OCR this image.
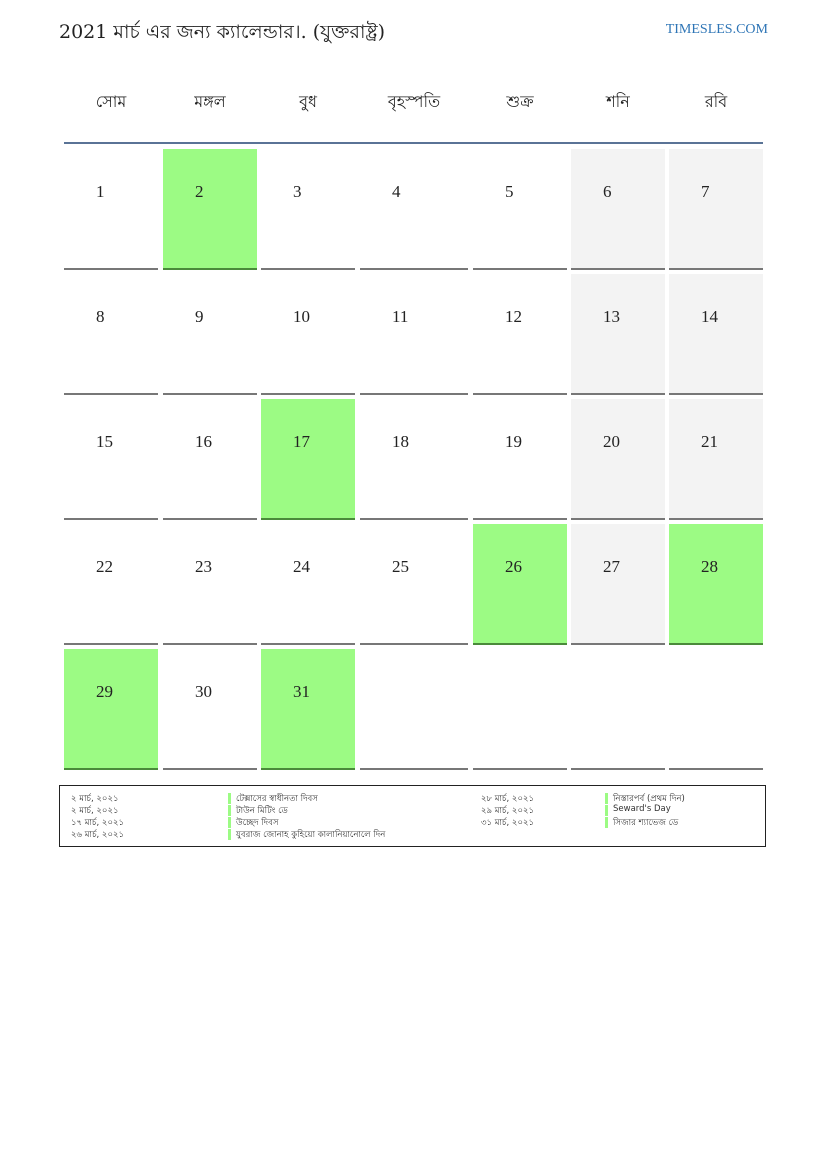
2021 মার্চ এর জন্য ক্যালেন্ডার।. (যুক্তরাষ্ট্র)	TIMESLES.COM
সোম	মঙ্গল	বুধ	বৃহস্পতি	শুক্র	শনি	রবি
1	2	3	4	5	6	7
8	9	10	11	12	13	14
15	16	17	18	19	20	21
22	23	24	25	26	27	28
29	30	31
২ মার্চ, ২০২১	টেক্সাসের স্বাধীনতা দিবস
২ মার্চ, ২০২১	টাউন মিটিং ডে
১৭ মার্চ, ২০২১	উচ্ছেদ দিবস
২৬ মার্চ, ২০২১	যুবরাজ জোনাহ কুহিয়ো কালানিয়ানোলে দিন
২৮ মার্চ, ২০২১	নিস্তারপর্ব (প্রথম দিন)
২৯ মার্চ, ২০২১	Seward's Day
৩১ মার্চ, ২০২১	সিজার শ্যাভেজ ডে
